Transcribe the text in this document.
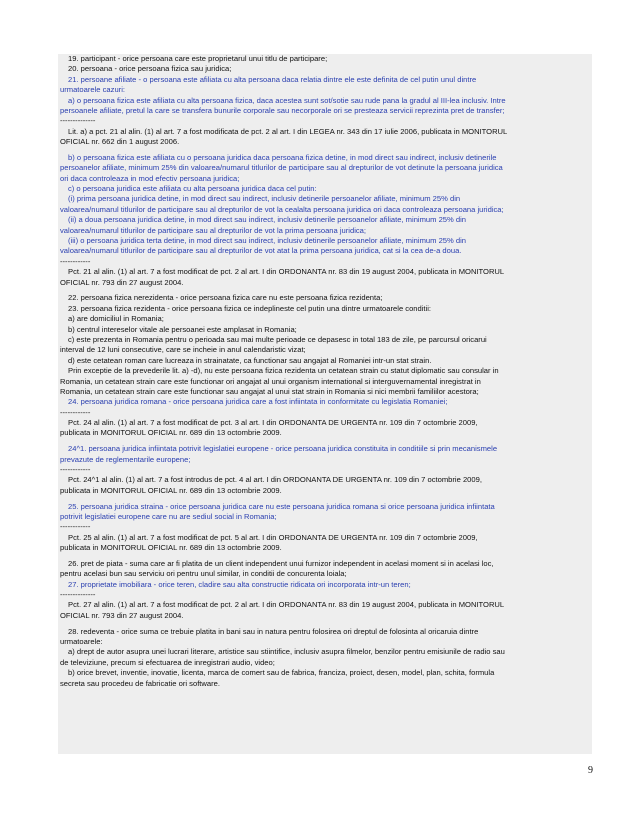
19. participant - orice persoana care este proprietarul unui titlu de participare;
20. persoana - orice persoana fizica sau juridica;
21. persoane afiliate - o persoana este afiliata cu alta persoana daca relatia dintre ele este definita de cel putin unul dintre
urmatoarele cazuri:
a) o persoana fizica este afiliata cu alta persoana fizica, daca acestea sunt sot/sotie sau rude pana la gradul al III-lea inclusiv. Intre
persoanele afiliate, pretul la care se transfera bunurile corporale sau necorporale ori se presteaza servicii reprezinta pret de transfer;
--------------
Lit. a) a pct. 21 al alin. (1) al art. 7 a fost modificata de pct. 2 al art. I din LEGEA nr. 343 din 17 iulie 2006, publicata in MONITORUL
OFICIAL nr. 662 din 1 august 2006.
b) o persoana fizica este afiliata cu o persoana juridica daca persoana fizica detine, in mod direct sau indirect, inclusiv detinerile
persoanelor afiliate, minimum 25% din valoarea/numarul titlurilor de participare sau al drepturilor de vot detinute la persoana juridica
ori daca controleaza in mod efectiv persoana juridica;
c) o persoana juridica este afiliata cu alta persoana juridica daca cel putin:
(i) prima persoana juridica detine, in mod direct sau indirect, inclusiv detinerile persoanelor afiliate, minimum 25% din
valoarea/numarul titlurilor de participare sau al drepturilor de vot la cealalta persoana juridica ori daca controleaza persoana juridica;
(ii) a doua persoana juridica detine, in mod direct sau indirect, inclusiv detinerile persoanelor afiliate, minimum 25% din
valoarea/numarul titlurilor de participare sau al drepturilor de vot la prima persoana juridica;
(iii) o persoana juridica terta detine, in mod direct sau indirect, inclusiv detinerile persoanelor afiliate, minimum 25% din
valoarea/numarul titlurilor de participare sau al drepturilor de vot atat la prima persoana juridica, cat si la cea de-a doua.
------------
Pct. 21 al alin. (1) al art. 7 a fost modificat de pct. 2 al art. I din ORDONANTA nr. 83 din 19 august 2004, publicata in MONITORUL
OFICIAL nr. 793 din 27 august 2004.
22. persoana fizica nerezidenta - orice persoana fizica care nu este persoana fizica rezidenta;
23. persoana fizica rezidenta - orice persoana fizica ce indeplineste cel putin una dintre urmatoarele conditii:
a) are domiciliul in Romania;
b) centrul intereselor vitale ale persoanei este amplasat in Romania;
c) este prezenta in Romania pentru o perioada sau mai multe perioade ce depasesc in total 183 de zile, pe parcursul oricarui
interval de 12 luni consecutive, care se incheie in anul calendaristic vizat;
d) este cetatean roman care lucreaza in strainatate, ca functionar sau angajat al Romaniei intr-un stat strain.
Prin exceptie de la prevederile lit. a) -d), nu este persoana fizica rezidenta un cetatean strain cu statut diplomatic sau consular in
Romania, un cetatean strain care este functionar ori angajat al unui organism international si interguvernamental inregistrat in
Romania, un cetatean strain care este functionar sau angajat al unui stat strain in Romania si nici membrii familiilor acestora;
24. persoana juridica romana - orice persoana juridica care a fost infiintata in conformitate cu legislatia Romaniei;
------------
Pct. 24 al alin. (1) al art. 7 a fost modificat de pct. 3 al art. I din ORDONANTA DE URGENTA nr. 109 din 7 octombrie 2009,
publicata in MONITORUL OFICIAL nr. 689 din 13 octombrie 2009.
24^1. persoana juridica infiintata potrivit legislatiei europene - orice persoana juridica constituita in conditiile si prin mecanismele
prevazute de reglementarile europene;
------------
Pct. 24^1 al alin. (1) al art. 7 a fost introdus de pct. 4 al art. I din ORDONANTA DE URGENTA nr. 109 din 7 octombrie 2009,
publicata in MONITORUL OFICIAL nr. 689 din 13 octombrie 2009.
25. persoana juridica straina - orice persoana juridica care nu este persoana juridica romana si orice persoana juridica infiintata
potrivit legislatiei europene care nu are sediul social in Romania;
------------
Pct. 25 al alin. (1) al art. 7 a fost modificat de pct. 5 al art. I din ORDONANTA DE URGENTA nr. 109 din 7 octombrie 2009,
publicata in MONITORUL OFICIAL nr. 689 din 13 octombrie 2009.
26. pret de piata - suma care ar fi platita de un client independent unui furnizor independent in acelasi moment si in acelasi loc,
pentru acelasi bun sau serviciu ori pentru unul similar, in conditii de concurenta loiala;
27. proprietate imobiliara - orice teren, cladire sau alta constructie ridicata ori incorporata intr-un teren;
--------------
Pct. 27 al alin. (1) al art. 7 a fost modificat de pct. 2 al art. I din ORDONANTA nr. 83 din 19 august 2004, publicata in MONITORUL
OFICIAL nr. 793 din 27 august 2004.
28. redeventa - orice suma ce trebuie platita in bani sau in natura pentru folosirea ori dreptul de folosinta al oricaruia dintre
urmatoarele:
a) drept de autor asupra unei lucrari literare, artistice sau stiintifice, inclusiv asupra filmelor, benzilor pentru emisiunile de radio sau
de televiziune, precum si efectuarea de inregistrari audio, video;
b) orice brevet, inventie, inovatie, licenta, marca de comert sau de fabrica, franciza, proiect, desen, model, plan, schita, formula
secreta sau procedeu de fabricatie ori software.
9
